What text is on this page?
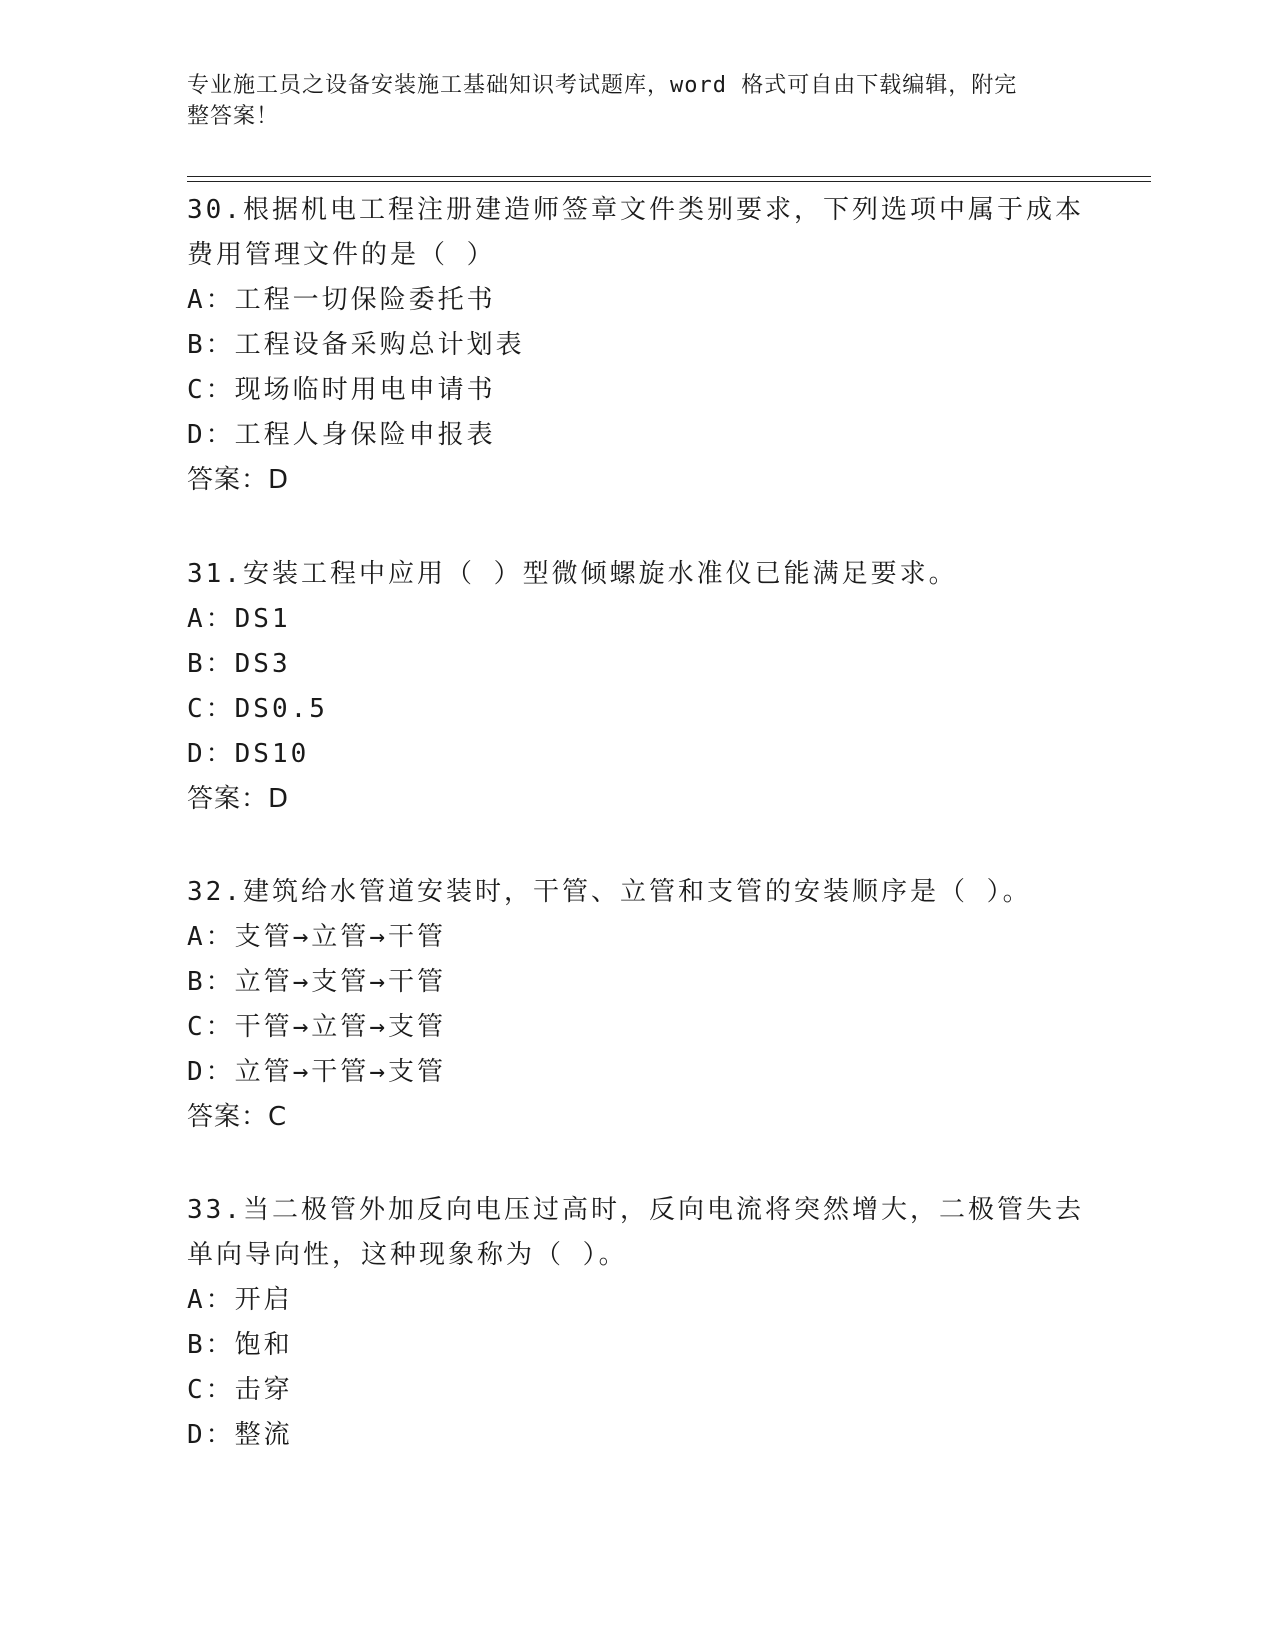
专业施工员之设备安装施工基础知识考试题库，word 格式可自由下载编辑，附完
整答案！

30.根据机电工程注册建造师签章文件类别要求，下列选项中属于成本

费用管理文件的是（ ）

A：工程一切保险委托书

B：工程设备采购总计划表

C：现场临时用电申请书

D：工程人身保险申报表

答案：D

31.安装工程中应用（ ）型微倾螺旋水准仪已能满足要求。

A：DS1

B：DS3

C：DS0.5

D：DS10

答案：D

32.建筑给水管道安装时，干管、立管和支管的安装顺序是（ ）。

A：支管→立管→干管

B：立管→支管→干管

C：干管→立管→支管

D：立管→干管→支管

答案：C

33.当二极管外加反向电压过高时，反向电流将突然增大，二极管失去

单向导向性，这种现象称为（ ）。

A：开启

B：饱和

C：击穿

D：整流
